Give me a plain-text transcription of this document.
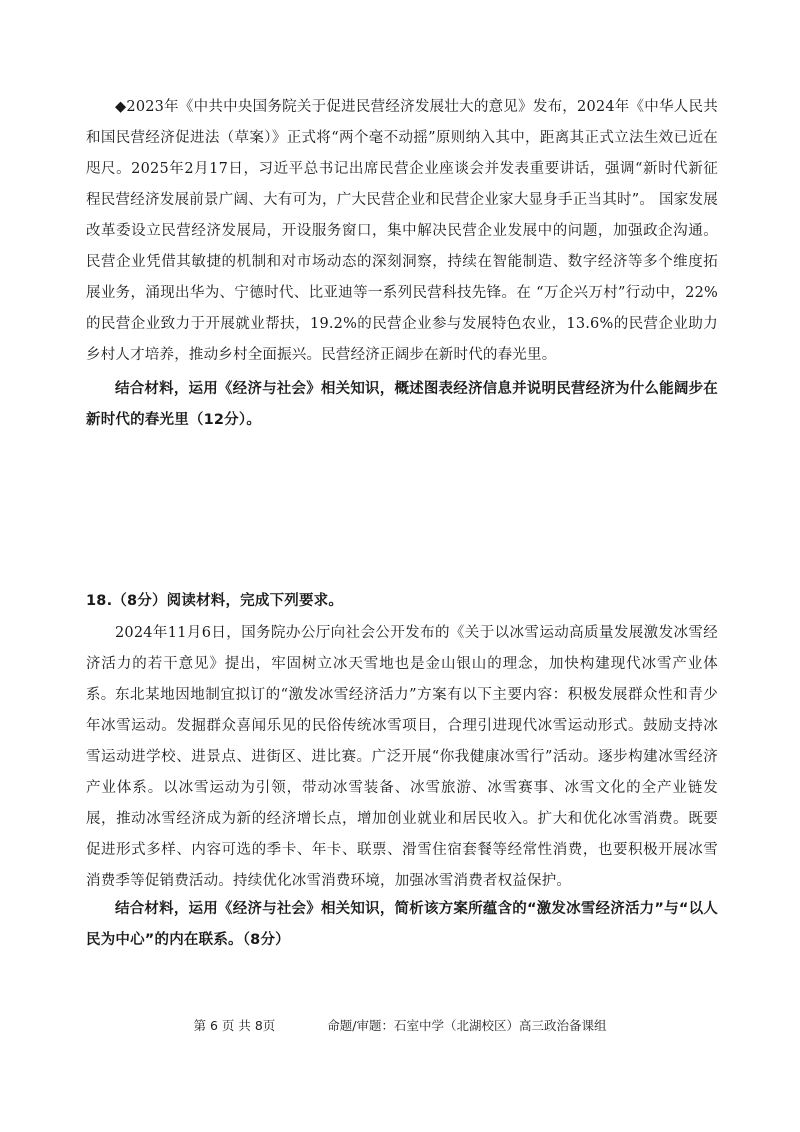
◆2023年《中共中央国务院关于促进民营经济发展壮大的意见》发布，2024年《中华人民共和国民营经济促进法（草案）》正式将“两个毫不动摇”原则纳入其中，距离其正式立法生效已近在咫尺。2025年2月17日，习近平总书记出席民营企业座谈会并发表重要讲话，强调“新时代新征程民营经济发展前景广阔、大有可为，广大民营企业和民营企业家大显身手正当其时”。 国家发展改革委设立民营经济发展局，开设服务窗口，集中解决民营企业发展中的问题，加强政企沟通。民营企业凭借其敏捷的机制和对市场动态的深刻洞察，持续在智能制造、数字经济等多个维度拓展业务，涌现出华为、宁德时代、比亚迪等一系列民营科技先锋。在 “万企兴万村”行动中，22%的民营企业致力于开展就业帮扶，19.2%的民营企业参与发展特色农业，13.6%的民营企业助力乡村人才培养，推动乡村全面振兴。民营经济正阔步在新时代的春光里。
结合材料，运用《经济与社会》相关知识，概述图表经济信息并说明民营经济为什么能阔步在新时代的春光里（12分）。
18.（8分）阅读材料，完成下列要求。
2024年11月6日，国务院办公厅向社会公开发布的《关于以冰雪运动高质量发展激发冰雪经济活力的若干意见》提出，牢固树立冰天雪地也是金山银山的理念，加快构建现代冰雪产业体系。 东北某地因地制宜拟订的“激发冰雪经济活力”方案有以下主要内容：积极发展群众性和青少年冰雪运动。发掘群众喜闻乐见的民俗传统冰雪项目，合理引进现代冰雪运动形式。鼓励支持冰雪运动进学校、进景点、进街区、进比赛。广泛开展“你我健康冰雪行”活动。逐步构建冰雪经济产业体系。以冰雪运动为引领，带动冰雪装备、冰雪旅游、冰雪赛事、冰雪文化的全产业链发展，推动冰雪经济成为新的经济增长点，增加创业就业和居民收入。扩大和优化冰雪消费。既要促进形式多样、内容可选的季卡、年卡、联票、滑雪住宿套餐等经常性消费，也要积极开展冰雪消费季等促销费活动。持续优化冰雪消费环境，加强冰雪消费者权益保护。
结合材料，运用《经济与社会》相关知识，简析该方案所蕴含的“激发冰雪经济活力”与“以人民为中心”的内在联系。（8分）
第 6 页 共 8页	命题/审题：石室中学（北湖校区）高三政治备课组
